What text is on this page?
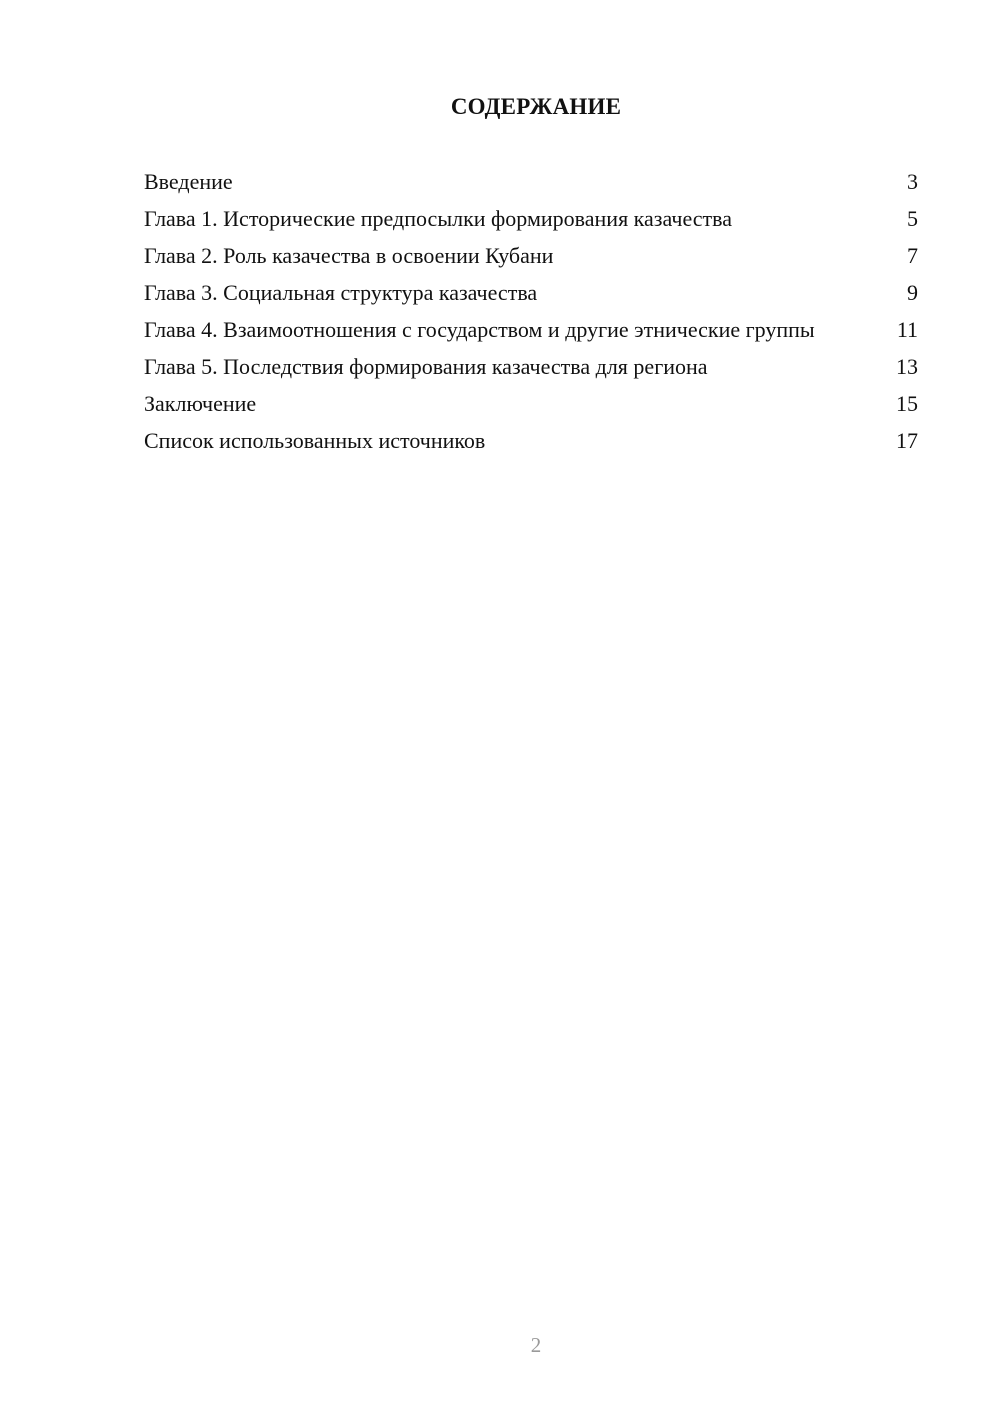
СОДЕРЖАНИЕ
Введение	3
Глава 1. Исторические предпосылки формирования казачества	5
Глава 2. Роль казачества в освоении Кубани	7
Глава 3. Социальная структура казачества	9
Глава 4. Взаимоотношения с государством и другие этнические группы	11
Глава 5. Последствия формирования казачества для региона	13
Заключение	15
Список использованных источников	17
2
